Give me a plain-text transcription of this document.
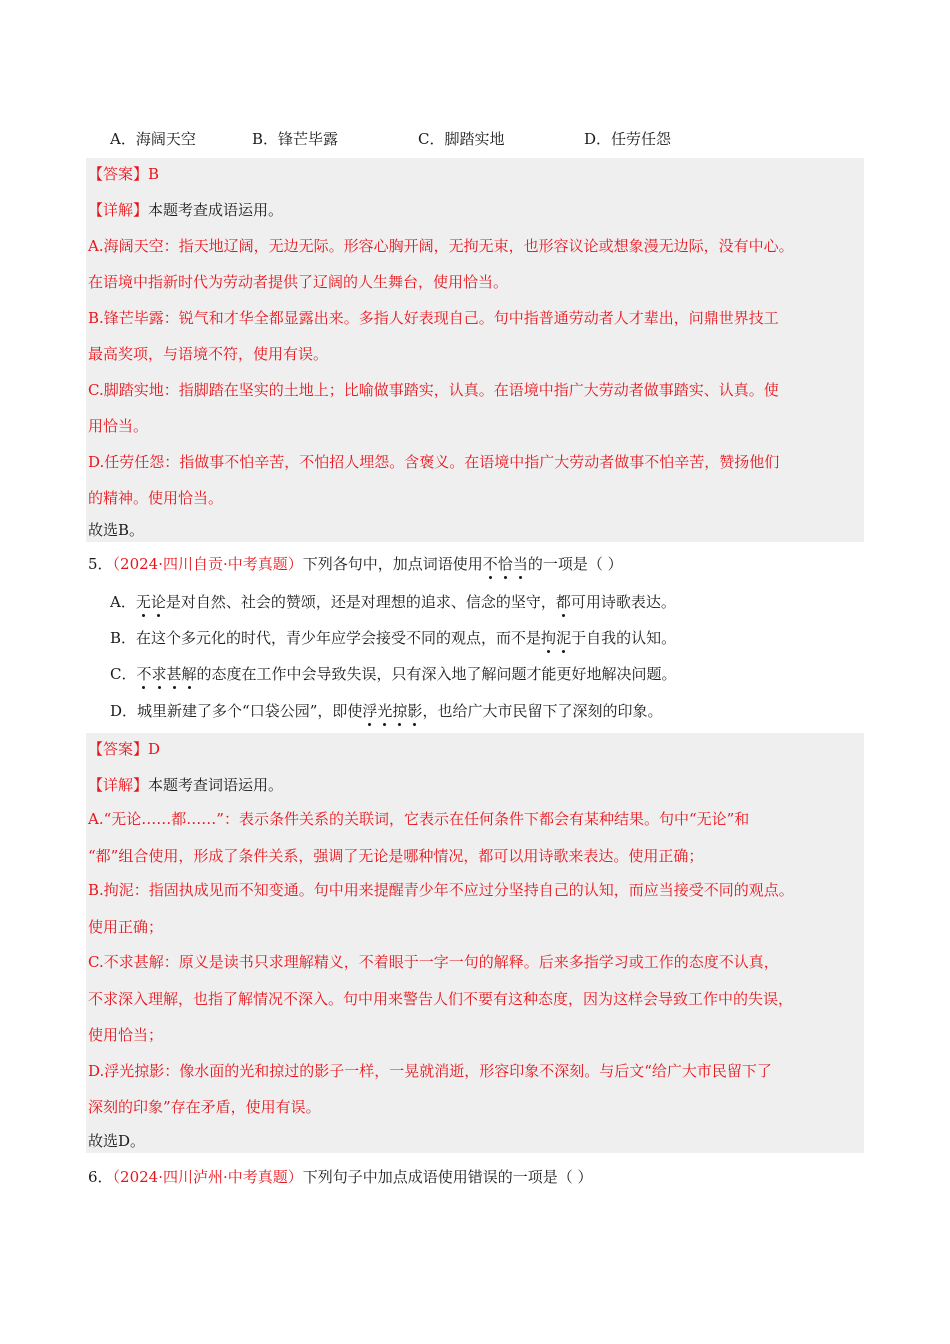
A．海阔天空	B．锋芒毕露	C．脚踏实地	D．任劳任怨
【答案】B
【详解】本题考查成语运用。
A.海阔天空：指天地辽阔，无边无际。形容心胸开阔，无拘无束，也形容议论或想象漫无边际，没有中心。
在语境中指新时代为劳动者提供了辽阔的人生舞台，使用恰当。
B.锋芒毕露：锐气和才华全都显露出来。多指人好表现自己。句中指普通劳动者人才辈出，问鼎世界技工
最高奖项，与语境不符，使用有误。
C.脚踏实地：指脚踏在坚实的土地上；比喻做事踏实，认真。在语境中指广大劳动者做事踏实、认真。使
用恰当。
D.任劳任怨：指做事不怕辛苦，不怕招人埋怨。含褒义。在语境中指广大劳动者做事不怕辛苦，赞扬他们
的精神。使用恰当。
故选B。
5．（2024·四川自贡·中考真题）下列各句中，加点词语使用不恰当的一项是（ ）
A．无论是对自然、社会的赞颂，还是对理想的追求、信念的坚守，都可用诗歌表达。
B．在这个多元化的时代，青少年应学会接受不同的观点，而不是拘泥于自我的认知。
C．不求甚解的态度在工作中会导致失误，只有深入地了解问题才能更好地解决问题。
D．城里新建了多个“口袋公园”，即使浮光掠影，也给广大市民留下了深刻的印象。
【答案】D
【详解】本题考查词语运用。
A.“无论……都……”：表示条件关系的关联词，它表示在任何条件下都会有某种结果。句中“无论”和
“都”组合使用，形成了条件关系，强调了无论是哪种情况，都可以用诗歌来表达。使用正确；
B.拘泥：指固执成见而不知变通。句中用来提醒青少年不应过分坚持自己的认知，而应当接受不同的观点。
使用正确；
C.不求甚解：原义是读书只求理解精义，不着眼于一字一句的解释。后来多指学习或工作的态度不认真，
不求深入理解，也指了解情况不深入。句中用来警告人们不要有这种态度，因为这样会导致工作中的失误，
使用恰当；
D.浮光掠影：像水面的光和掠过的影子一样，一晃就消逝，形容印象不深刻。与后文“给广大市民留下了
深刻的印象”存在矛盾，使用有误。
故选D。
6．（2024·四川泸州·中考真题）下列句子中加点成语使用错误的一项是（ ）
